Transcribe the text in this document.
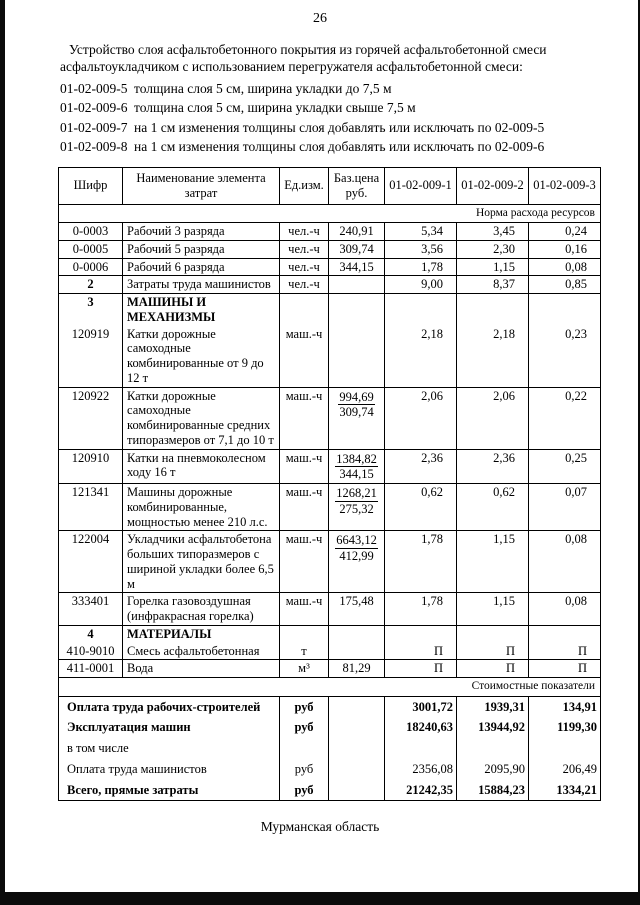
26
Устройство слоя асфальтобетонного покрытия из горячей асфальтобетонной смеси
асфальтоукладчиком с использованием перегружателя асфальтобетонной смеси:
01-02-009-5 толщина слоя 5 см, ширина укладки до 7,5 м
01-02-009-6 толщина слоя 5 см, ширина укладки свыше 7,5 м
01-02-009-7 на 1 см изменения толщины слоя добавлять или исключать по 02-009-5
01-02-009-8 на 1 см изменения толщины слоя добавлять или исключать по 02-009-6
Шифр	Наименование элемента затрат	Ед.изм.	Баз.цена руб.	01-02-009-1	01-02-009-2	01-02-009-3
Норма расхода ресурсов						
0-0003	Рабочий 3 разряда	чел.-ч	240,91	5,34	3,45	0,24
0-0005	Рабочий 5 разряда	чел.-ч	309,74	3,56	2,30	0,16
0-0006	Рабочий 6 разряда	чел.-ч	344,15	1,78	1,15	0,08
2	Затраты труда машинистов	чел.-ч		9,00	8,37	0,85
3	МАШИНЫ И МЕХАНИЗМЫ					
120919	Катки дорожные самоходные комбинированные от 9 до 12 т	маш.-ч		2,18	2,18	0,23
120922	Катки дорожные самоходные комбинированные средних типоразмеров от 7,1 до 10 т	маш.-ч	$\frac{994,69}{309,74}$	2,06	2,06	0,22
120910	Катки на пневмоколесном ходу 16 т	маш.-ч	$\frac{1384,82}{344,15}$	2,36	2,36	0,25
121341	Машины дорожные комбинированные, мощностью менее 210 л.с.	маш.-ч	$\frac{1268,21}{275,32}$	0,62	0,62	0,07
122004	Укладчики асфальтобетона больших типоразмеров с шириной укладки более 6,5 м	маш.-ч	$\frac{6643,12}{412,99}$	1,78	1,15	0,08
333401	Горелка газовоздушная (инфракрасная горелка)	маш.-ч	175,48	1,78	1,15	0,08
4	МАТЕРИАЛЫ					
410-9010	Смесь асфальтобетонная	т		П	П	П
411-0001	Вода	м³	81,29	П	П	П
Стоимостные показатели						
Оплата труда рабочих-строителей		руб		3001,72	1939,31	134,91
Эксплуатация машин		руб		18240,63	13944,92	1199,30
в том числе						
Оплата труда машинистов		руб		2356,08	2095,90	206,49
Всего, прямые затраты		руб		21242,35	15884,23	1334,21
Мурманская область
